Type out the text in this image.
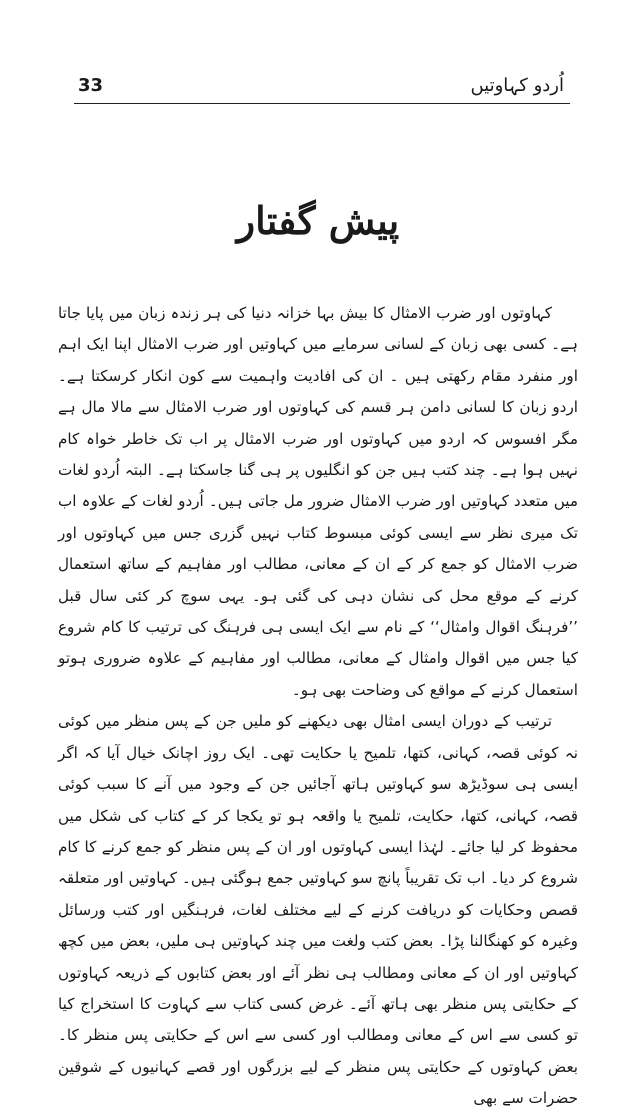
33	اُردو کہاوتیں
پیش گفتار

کہاوتوں اور ضرب الامثال کا بیش بہا خزانہ دنیا کی ہر زندہ زبان میں پایا جاتا ہے۔ کسی بھی زبان کے لسانی سرمایے میں کہاوتیں اور ضرب الامثال اپنا ایک اہم اور منفرد مقام رکھتی ہیں ۔ ان کی افادیت واہمیت سے کون انکار کرسکتا ہے۔ اردو زبان کا لسانی دامن ہر قسم کی کہاوتوں اور ضرب الامثال سے مالا مال ہے مگر افسوس کہ اردو میں کہاوتوں اور ضرب الامثال پر اب تک خاطر خواہ کام نہیں ہوا ہے۔ چند کتب ہیں جن کو انگلیوں پر ہی گنا جاسکتا ہے۔ البتہ اُردو لغات میں متعدد کہاوتیں اور ضرب الامثال ضرور مل جاتی ہیں۔ اُردو لغات کے علاوہ اب تک میری نظر سے ایسی کوئی مبسوط کتاب نہیں گزری جس میں کہاوتوں اور ضرب الامثال کو جمع کر کے ان کے معانی، مطالب اور مفاہیم کے ساتھ استعمال کرنے کے موقع محل کی نشان دہی کی گئی ہو۔ یہی سوچ کر کئی سال قبل ’’فرہنگ اقوال وامثال‘‘ کے نام سے ایک ایسی ہی فرہنگ کی ترتیب کا کام شروع کیا جس میں اقوال وامثال کے معانی، مطالب اور مفاہیم کے علاوہ ضروری ہوتو استعمال کرنے کے مواقع کی وضاحت بھی ہو۔

ترتیب کے دوران ایسی امثال بھی دیکھنے کو ملیں جن کے پس منظر میں کوئی نہ کوئی قصہ، کہانی، کتھا، تلمیح یا حکایت تھی۔ ایک روز اچانک خیال آیا کہ اگر ایسی ہی سوڈیڑھ سو کہاوتیں ہاتھ آجائیں جن کے وجود میں آنے کا سبب کوئی قصہ، کہانی، کتھا، حکایت، تلمیح یا واقعہ ہو تو یکجا کر کے کتاب کی شکل میں محفوظ کر لیا جائے۔ لہٰذا ایسی کہاوتوں اور ان کے پس منظر کو جمع کرنے کا کام شروع کر دیا۔ اب تک تقریباً پانچ سو کہاوتیں جمع ہوگئی ہیں۔ کہاوتیں اور متعلقہ قصص وحکایات کو دریافت کرنے کے لیے مختلف لغات، فرہنگیں اور کتب ورسائل وغیرہ کو کھنگالنا پڑا۔ بعض کتب ولغت میں چند کہاوتیں ہی ملیں، بعض میں کچھ کہاوتیں اور ان کے معانی ومطالب ہی نظر آئے اور بعض کتابوں کے ذریعہ کہاوتوں کے حکایتی پس منظر بھی ہاتھ آئے۔ غرض کسی کتاب سے کہاوت کا استخراج کیا تو کسی سے اس کے معانی ومطالب اور کسی سے اس کے حکایتی پس منظر کا۔ بعض کہاوتوں کے حکایتی پس منظر کے لیے بزرگوں اور قصے کہانیوں کے شوقین حضرات سے بھی
